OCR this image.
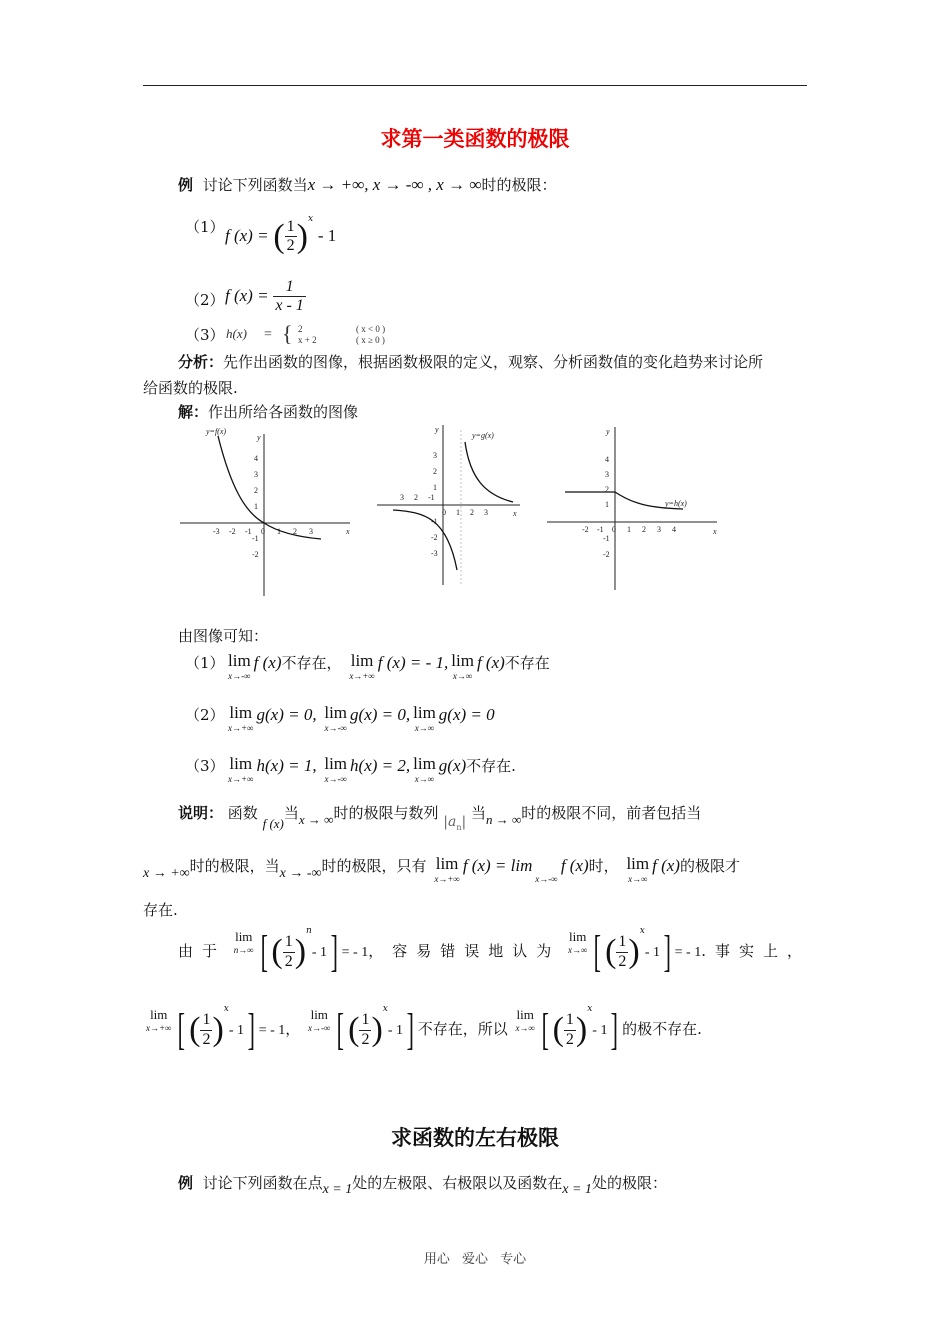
求第一类函数的极限
例 讨论下列函数当x → +∞, x → -∞ , x → ∞时的极限：
（1） f (x) = ( $\frac{1}{2} )^x - 1$
（2） f $(x) = \frac{1}{x - 1}$
（3） h(x) = { 2
x + 2
( x < 0 )
( x ≥ 0 )
分析：先作出函数的图像，根据函数极限的定义，观察、分析函数值的变化趋势来讨论所
给函数的极限.
解：作出所给各函数的图像
x
y
y=f(x)
-3 -2 -1 0 1 2 3
4
3
2
1
-1
-2
x
y
y=g(x)
3 2 -1
0 1 2 3
3
2
1
-1
-2
-3
x
y
y=h(x)
-2 -1 0 1 2 3 4
4
3
2
1
-1
-2
由图像可知：
（1） lim
x→-∞
f (x)不存在， lim
x→+∞
f (x) = - 1, lim
x→∞
f (x)不存在
（2） lim
x→+∞
g(x) = 0, lim
x→-∞
g(x) = 0, lim
x→∞
g(x) = 0
（3） lim
x→+∞
h(x) = 1, lim
x→-∞
h(x) = 2, lim
x→∞
g(x)不存在.
说明： 函数 f (x)当x → ∞时的极限与数列 $|a_n|$ 当n → ∞时的极限不同，前者包括当
x → +∞时的极限，当x → -∞时的极限，只有 lim
x→+∞
f (x) = lim
x→-∞
f (x)时， lim
x→∞
f (x)的极限才
存在.
由于 lim
n→∞ [ ( $\frac{1}{2} )^n-$ 1] = - 1，容易错误地认为 lim
x→∞ [ ( $\frac{1}{2} )^x-$ 1] = - 1.事实上，
lim
x→+∞ [ ( $\frac{1}{2} )^x-$ 1] = - 1， lim
x→-∞ [ ( $\frac{1}{2} )^x-$ 1] 不存在，所以 lim
x→∞ [ ( $\frac{1}{2} )^x-$ 1] 的极不存在.
求函数的左右极限
例 讨论下列函数在点x = 1处的左极限、右极限以及函数在x = 1处的极限：
用心 爱心 专心
